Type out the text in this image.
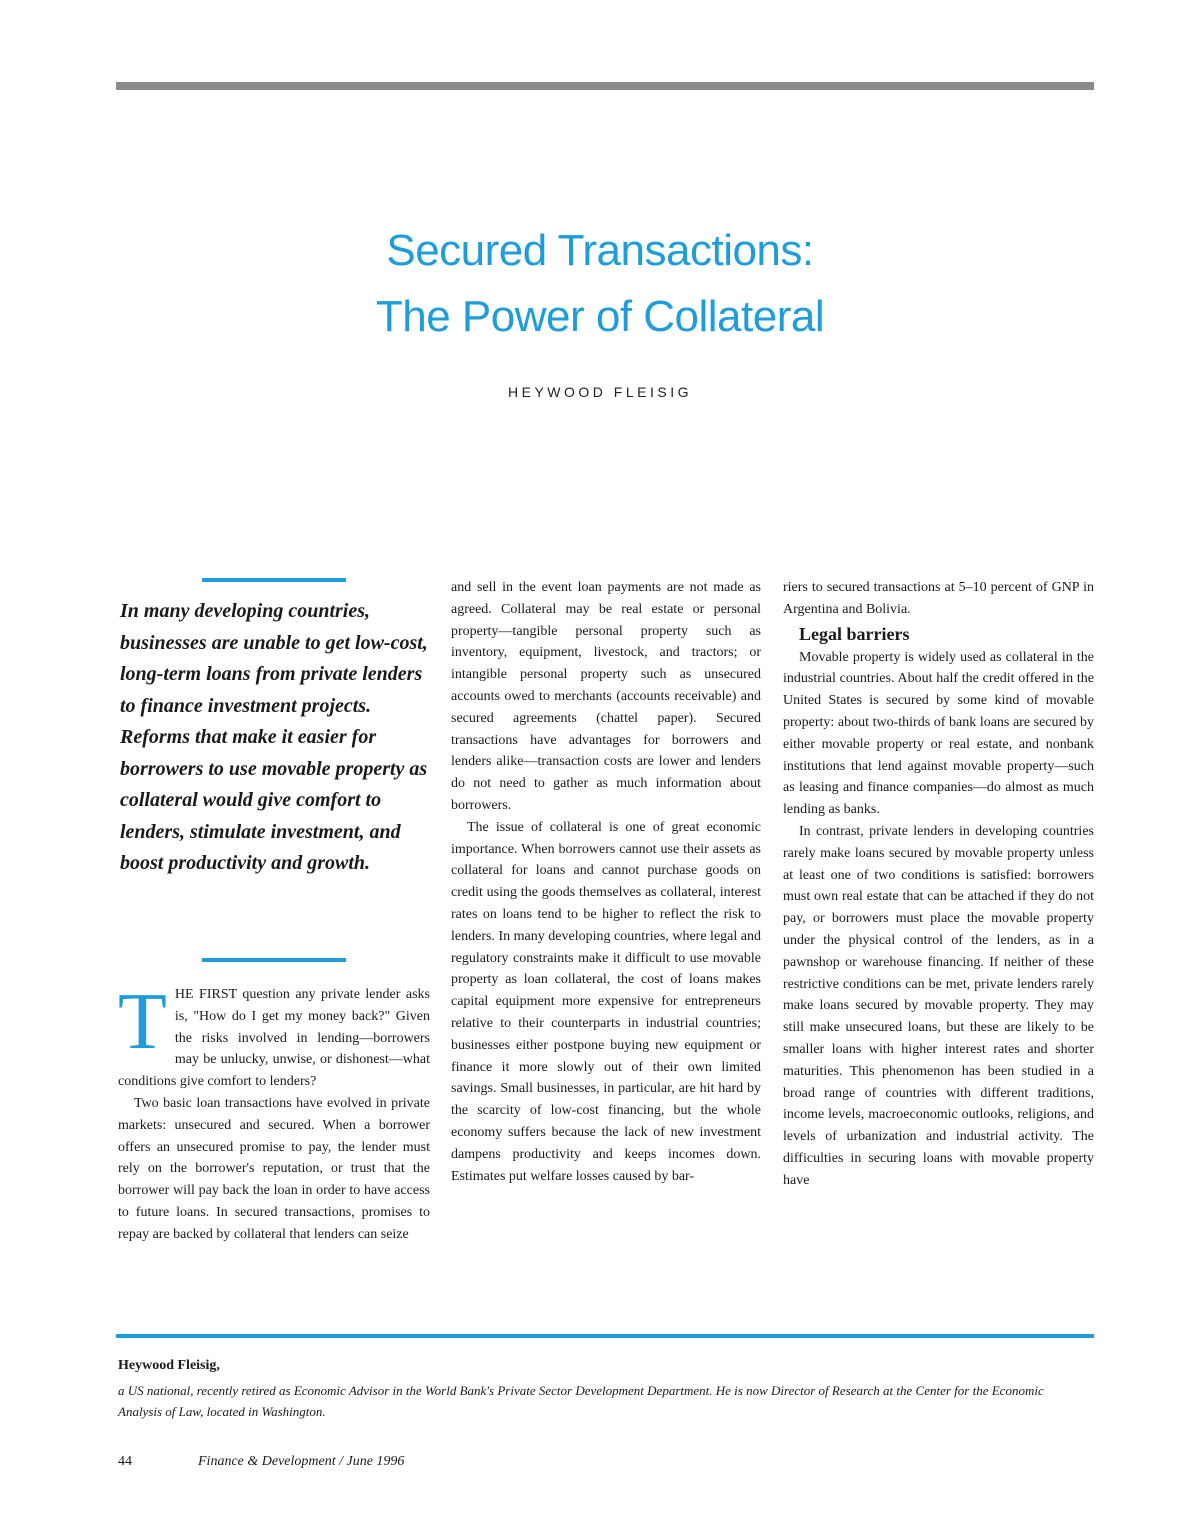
Secured Transactions:
The Power of Collateral
HEYWOOD FLEISIG
In many developing countries, businesses are unable to get low-cost, long-term loans from private lenders to finance investment projects. Reforms that make it easier for borrowers to use movable property as collateral would give comfort to lenders, stimulate investment, and boost productivity and growth.

THE FIRST question any private lender asks is, "How do I get my money back?" Given the risks involved in lending—borrowers may be unlucky, unwise, or dishonest—what conditions give comfort to lenders?

Two basic loan transactions have evolved in private markets: unsecured and secured. When a borrower offers an unsecured promise to pay, the lender must rely on the borrower's reputation, or trust that the borrower will pay back the loan in order to have access to future loans. In secured transactions, promises to repay are backed by collateral that lenders can seize

and sell in the event loan payments are not made as agreed. Collateral may be real estate or personal property—tangible personal property such as inventory, equipment, livestock, and tractors; or intangible personal property such as unsecured accounts owed to merchants (accounts receivable) and secured agreements (chattel paper). Secured transactions have advantages for borrowers and lenders alike—transaction costs are lower and lenders do not need to gather as much information about borrowers.

The issue of collateral is one of great economic importance. When borrowers cannot use their assets as collateral for loans and cannot purchase goods on credit using the goods themselves as collateral, interest rates on loans tend to be higher to reflect the risk to lenders. In many developing countries, where legal and regulatory constraints make it difficult to use movable property as loan collateral, the cost of loans makes capital equipment more expensive for entrepreneurs relative to their counterparts in industrial countries; businesses either postpone buying new equipment or finance it more slowly out of their own limited savings. Small businesses, in particular, are hit hard by the scarcity of low-cost financing, but the whole economy suffers because the lack of new investment dampens productivity and keeps incomes down. Estimates put welfare losses caused by bar-

riers to secured transactions at 5–10 percent of GNP in Argentina and Bolivia.

Legal barriers

Movable property is widely used as collateral in the industrial countries. About half the credit offered in the United States is secured by some kind of movable property: about two-thirds of bank loans are secured by either movable property or real estate, and nonbank institutions that lend against movable property—such as leasing and finance companies—do almost as much lending as banks.

In contrast, private lenders in developing countries rarely make loans secured by movable property unless at least one of two conditions is satisfied: borrowers must own real estate that can be attached if they do not pay, or borrowers must place the movable property under the physical control of the lenders, as in a pawnshop or warehouse financing. If neither of these restrictive conditions can be met, private lenders rarely make loans secured by movable property. They may still make unsecured loans, but these are likely to be smaller loans with higher interest rates and shorter maturities. This phenomenon has been studied in a broad range of countries with different traditions, income levels, macroeconomic outlooks, religions, and levels of urbanization and industrial activity. The difficulties in securing loans with movable property have

Heywood Fleisig,
a US national, recently retired as Economic Advisor in the World Bank's Private Sector Development Department. He is now Director of Research at the Center for the Economic Analysis of Law, located in Washington.
44	Finance & Development / June 1996
